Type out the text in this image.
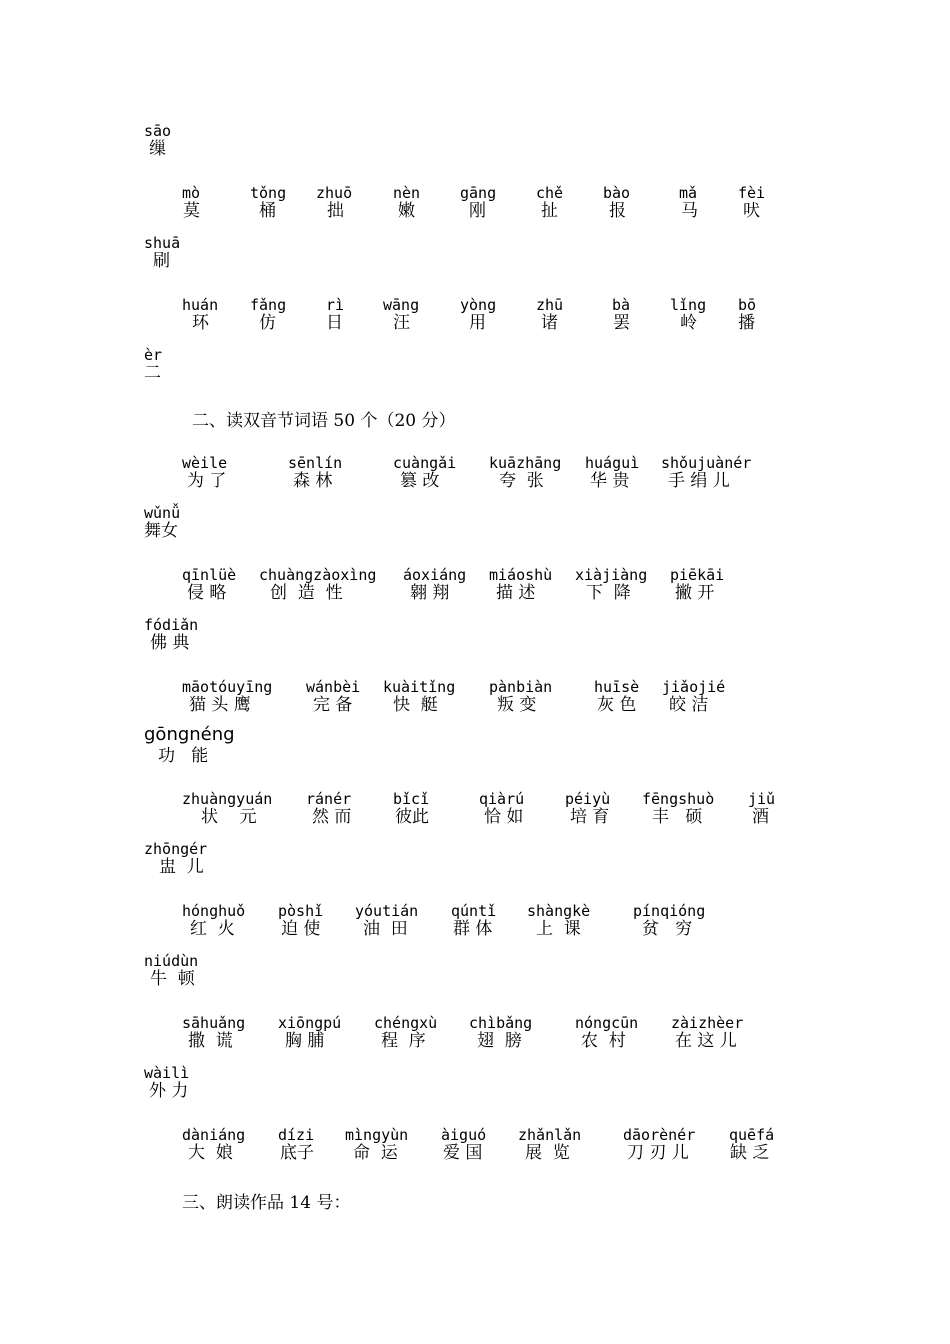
sāo
缫
mò
莫
tǒng
桶
zhuō
拙
nèn
嫩
gāng
刚
chě
扯
bào
报
mǎ
马
fèi
吠
shuā
刷
huán
环
fǎng
仿
rì
日
wāng
汪
yòng
用
zhū
诸
bà
罢
lǐng
岭
bō
播
èr
二
二、读双音节词语 50 个（20 分）
wèile
为 了
sēnlín
森 林
cuàngǎi
篡 改
kuāzhāng
夸  张
huáguì
华 贵
shǒujuànér
手 绢 儿
wǔnǚ
舞女
qīnlüè
侵 略
chuàngzàoxìng
创  造  性
áoxiáng
翱 翔
miáoshù
描 述
xiàjiàng
下  降
piēkāi
撇 开
fódiǎn
佛 典
māotóuyīng
猫 头 鹰
wánbèi
完 备
kuàitǐng
快  艇
pànbiàn
叛 变
huīsè
灰 色
jiǎojié
皎 洁
gōngnéng
功   能
zhuàngyuán
状    元
ránér
然 而
bǐcǐ
彼此
qiàrú
恰 如
péiyù
培 育
fēngshuò
丰   硕
jiǔ
酒
zhōngér
盅  儿
hónghuǒ
红  火
pòshǐ
迫 使
yóutián
油  田
qúntǐ
群 体
shàngkè
上  课
pínqióng
贫   穷
niúdùn
牛  顿
sāhuǎng
撒  谎
xiōngpú
胸 脯
chéngxù
程  序
chìbǎng
翅  膀
nóngcūn
农  村
zàizhèer
在 这 儿
wàilì
外 力
dàniáng
大  娘
dízi
底子
mìngyùn
命  运
àiguó
爱 国
zhǎnlǎn
展  览
dāorènér
刀 刃 儿
quēfá
缺 乏
三、朗读作品 14 号：
